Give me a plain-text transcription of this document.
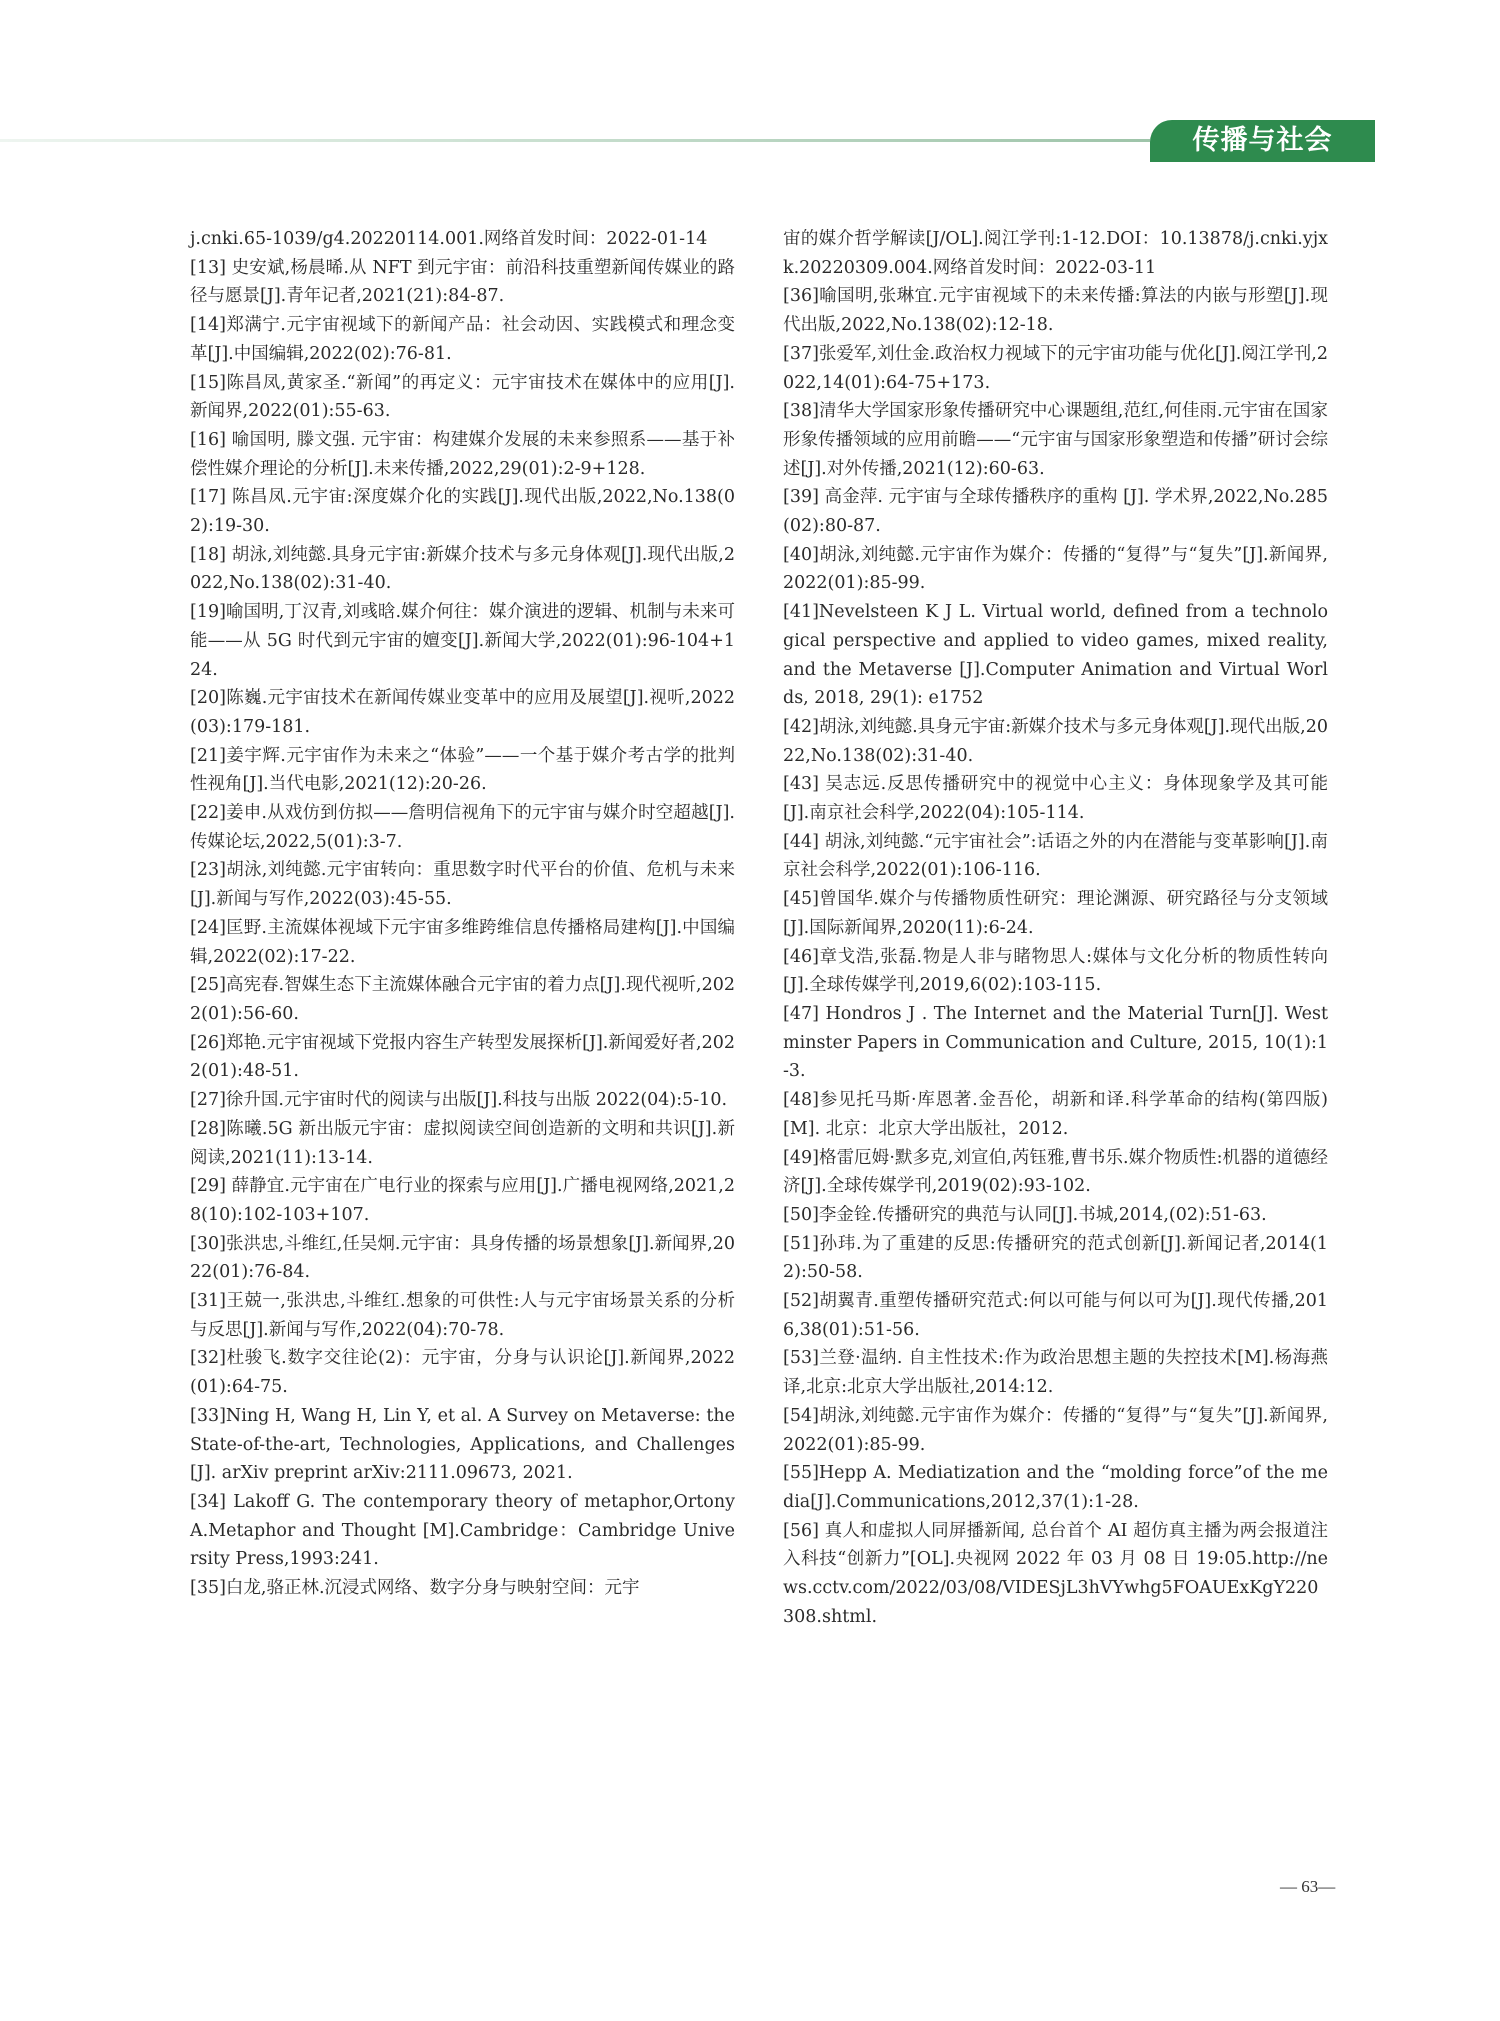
传播与社会

j.cnki.65-1039/g4.20220114.001.网络首发时间：2022-01-14

[13] 史安斌,杨晨晞.从 NFT 到元宇宙：前沿科技重塑新闻传媒业的路径与愿景[J].青年记者,2021(21):84-87.

[14]郑满宁.元宇宙视域下的新闻产品：社会动因、实践模式和理念变革[J].中国编辑,2022(02):76-81.

[15]陈昌凤,黄家圣.“新闻”的再定义：元宇宙技术在媒体中的应用[J].新闻界,2022(01):55-63.

[16] 喻国明, 滕文强. 元宇宙：构建媒介发展的未来参照系——基于补偿性媒介理论的分析[J].未来传播,2022,29(01):2-9+128.

[17] 陈昌凤.元宇宙:深度媒介化的实践[J].现代出版,2022,No.138(02):19-30.

[18] 胡泳,刘纯懿.具身元宇宙:新媒介技术与多元身体观[J].现代出版,2022,No.138(02):31-40.

[19]喻国明,丁汉青,刘彧晗.媒介何往：媒介演进的逻辑、机制与未来可能——从 5G 时代到元宇宙的嬗变[J].新闻大学,2022(01):96-104+124.

[20]陈巍.元宇宙技术在新闻传媒业变革中的应用及展望[J].视听,2022(03):179-181.

[21]姜宇辉.元宇宙作为未来之“体验”——一个基于媒介考古学的批判性视角[J].当代电影,2021(12):20-26.

[22]姜申.从戏仿到仿拟——詹明信视角下的元宇宙与媒介时空超越[J].传媒论坛,2022,5(01):3-7.

[23]胡泳,刘纯懿.元宇宙转向：重思数字时代平台的价值、危机与未来[J].新闻与写作,2022(03):45-55.

[24]匡野.主流媒体视域下元宇宙多维跨维信息传播格局建构[J].中国编辑,2022(02):17-22.

[25]高宪春.智媒生态下主流媒体融合元宇宙的着力点[J].现代视听,2022(01):56-60.

[26]郑艳.元宇宙视域下党报内容生产转型发展探析[J].新闻爱好者,2022(01):48-51.

[27]徐升国.元宇宙时代的阅读与出版[J].科技与出版 2022(04):5-10.

[28]陈曦.5G 新出版元宇宙：虚拟阅读空间创造新的文明和共识[J].新阅读,2021(11):13-14.

[29] 薛静宜.元宇宙在广电行业的探索与应用[J].广播电视网络,2021,28(10):102-103+107.

[30]张洪忠,斗维红,任吴炯.元宇宙：具身传播的场景想象[J].新闻界,2022(01):76-84.

[31]王兢一,张洪忠,斗维红.想象的可供性:人与元宇宙场景关系的分析与反思[J].新闻与写作,2022(04):70-78.

[32]杜骏飞.数字交往论(2)：元宇宙，分身与认识论[J].新闻界,2022(01):64-75.

[33]Ning H, Wang H, Lin Y, et al. A Survey on Metaverse: the State-of-the-art, Technologies, Applications, and Challenges[J]. arXiv preprint arXiv:2111.09673, 2021.

[34] Lakoff G. The contemporary theory of metaphor,Ortony A.Metaphor and Thought [M].Cambridge：Cambridge University Press,1993:241.

[35]白龙,骆正林.沉浸式网络、数字分身与映射空间：元宇

宙的媒介哲学解读[J/OL].阅江学刊:1-12.DOI：10.13878/j.cnki.yjxk.20220309.004.网络首发时间：2022-03-11

[36]喻国明,张琳宜.元宇宙视域下的未来传播:算法的内嵌与形塑[J].现代出版,2022,No.138(02):12-18.

[37]张爱军,刘仕金.政治权力视域下的元宇宙功能与优化[J].阅江学刊,2022,14(01):64-75+173.

[38]清华大学国家形象传播研究中心课题组,范红,何佳雨.元宇宙在国家形象传播领域的应用前瞻——“元宇宙与国家形象塑造和传播”研讨会综述[J].对外传播,2021(12):60-63.

[39] 高金萍. 元宇宙与全球传播秩序的重构 [J]. 学术界,2022,No.285(02):80-87.

[40]胡泳,刘纯懿.元宇宙作为媒介：传播的“复得”与“复失”[J].新闻界,2022(01):85-99.

[41]Nevelsteen K J L. Virtual world, defined from a technological perspective and applied to video games, mixed reality, and the Metaverse [J].Computer Animation and Virtual Worlds, 2018, 29(1): e1752

[42]胡泳,刘纯懿.具身元宇宙:新媒介技术与多元身体观[J].现代出版,2022,No.138(02):31-40.

[43] 吴志远.反思传播研究中的视觉中心主义：身体现象学及其可能[J].南京社会科学,2022(04):105-114.

[44] 胡泳,刘纯懿.“元宇宙社会”:话语之外的内在潜能与变革影响[J].南京社会科学,2022(01):106-116.

[45]曾国华.媒介与传播物质性研究：理论渊源、研究路径与分支领域[J].国际新闻界,2020(11):6-24.

[46]章戈浩,张磊.物是人非与睹物思人:媒体与文化分析的物质性转向[J].全球传媒学刊,2019,6(02):103-115.

[47] Hondros J . The Internet and the Material Turn[J]. Westminster Papers in Communication and Culture, 2015, 10(1):1-3.

[48]参见托马斯·库恩著.金吾伦，胡新和译.科学革命的结构(第四版)[M]. 北京：北京大学出版社，2012.

[49]格雷厄姆·默多克,刘宣伯,芮钰雅,曹书乐.媒介物质性:机器的道德经济[J].全球传媒学刊,2019(02):93-102.

[50]李金铨.传播研究的典范与认同[J].书城,2014,(02):51-63.

[51]孙玮.为了重建的反思:传播研究的范式创新[J].新闻记者,2014(12):50-58.

[52]胡翼青.重塑传播研究范式:何以可能与何以可为[J].现代传播,2016,38(01):51-56.

[53]兰登·温纳. 自主性技术:作为政治思想主题的失控技术[M].杨海燕译,北京:北京大学出版社,2014:12.

[54]胡泳,刘纯懿.元宇宙作为媒介：传播的“复得”与“复失”[J].新闻界,2022(01):85-99.

[55]Hepp A. Mediatization and the “molding force”of the media[J].Communications,2012,37(1):1-28.

[56] 真人和虚拟人同屏播新闻, 总台首个 AI 超仿真主播为两会报道注入科技“创新力”[OL].央视网 2022 年 03 月 08 日 19:05.http://news.cctv.com/2022/03/08/VIDESjL3hVYwhg5FOAUExKgY220308.shtml.

— 63—
